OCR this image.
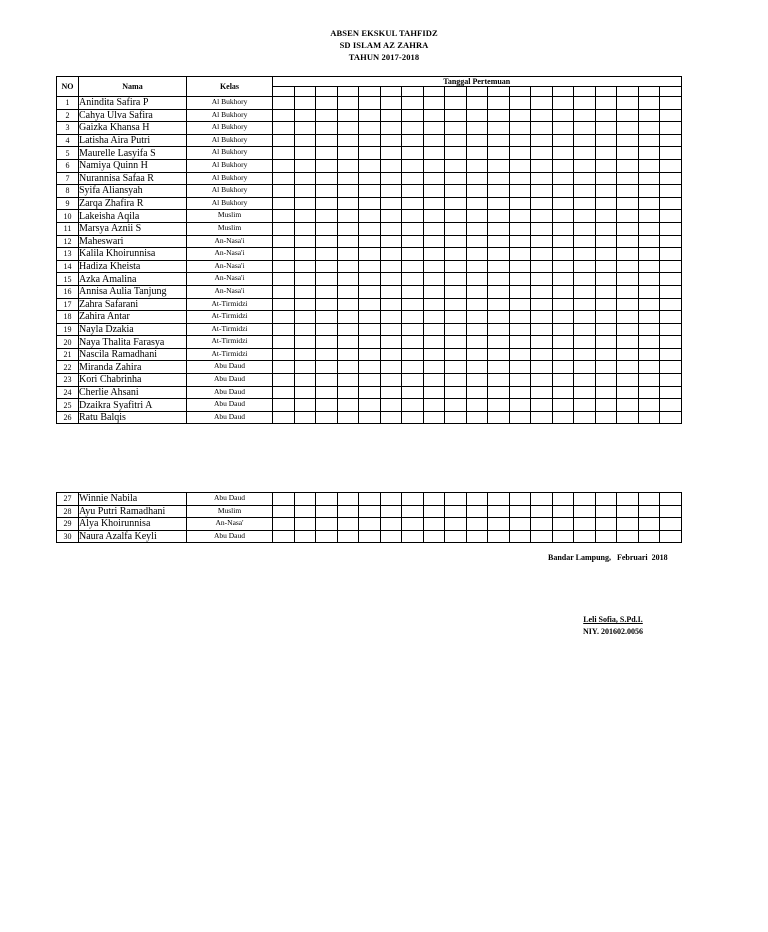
ABSEN EKSKUL TAHFIDZ
SD ISLAM AZ ZAHRA
TAHUN 2017-2018
NO	Nama	Kelas	Tanggal Pertemuan																		

1	Anindita Safira P	Al Bukhory																			
2	Cahya Ulva Safira	Al Bukhory																			
3	Gaizka Khansa H	Al Bukhory																			
4	Latisha Aira Putri	Al Bukhory																			
5	Maurelle Lasyifa S	Al Bukhory																			
6	Namiya Quinn H	Al Bukhory																			
7	Nurannisa Safaa R	Al Bukhory																			
8	Syifa Aliansyah	Al Bukhory																			
9	Zarqa Zhafira R	Al Bukhory																			
10	Lakeisha Aqila	Muslim																			
11	Marsya Aznii S	Muslim																			
12	Maheswari	An-Nasa'i																			
13	Kalila Khoirunnisa	An-Nasa'i																			
14	Hadiza Kheista	An-Nasa'i																			
15	Azka Amalina	An-Nasa'i																			
16	Annisa Aulia Tanjung	An-Nasa'i																			
17	Zahra Safarani	At-Tirmidzi																			
18	Zahira Antar	At-Tirmidzi																			
19	Nayla Dzakia	At-Tirmidzi																			
20	Naya Thalita Farasya	At-Tirmidzi																			
21	Nascila Ramadhani	At-Tirmidzi																			
22	Miranda Zahira	Abu Daud																			
23	Kori Chabrinha	Abu Daud																			
24	Cherlie Ahsani	Abu Daud																			
25	Dzaikra Syafitri A	Abu Daud																			
26	Ratu Balqis	Abu Daud																			
27	Winnie Nabila	Abu Daud																			
28	Ayu Putri Ramadhani	Muslim																			
29	Alya Khoirunnisa	An-Nasa'																			
30	Naura Azalfa Keyli	Abu Daud																			
Bandar Lampung,   Februari  2018
Leli Sofia, S.Pd.I.
NIY. 201602.0056
